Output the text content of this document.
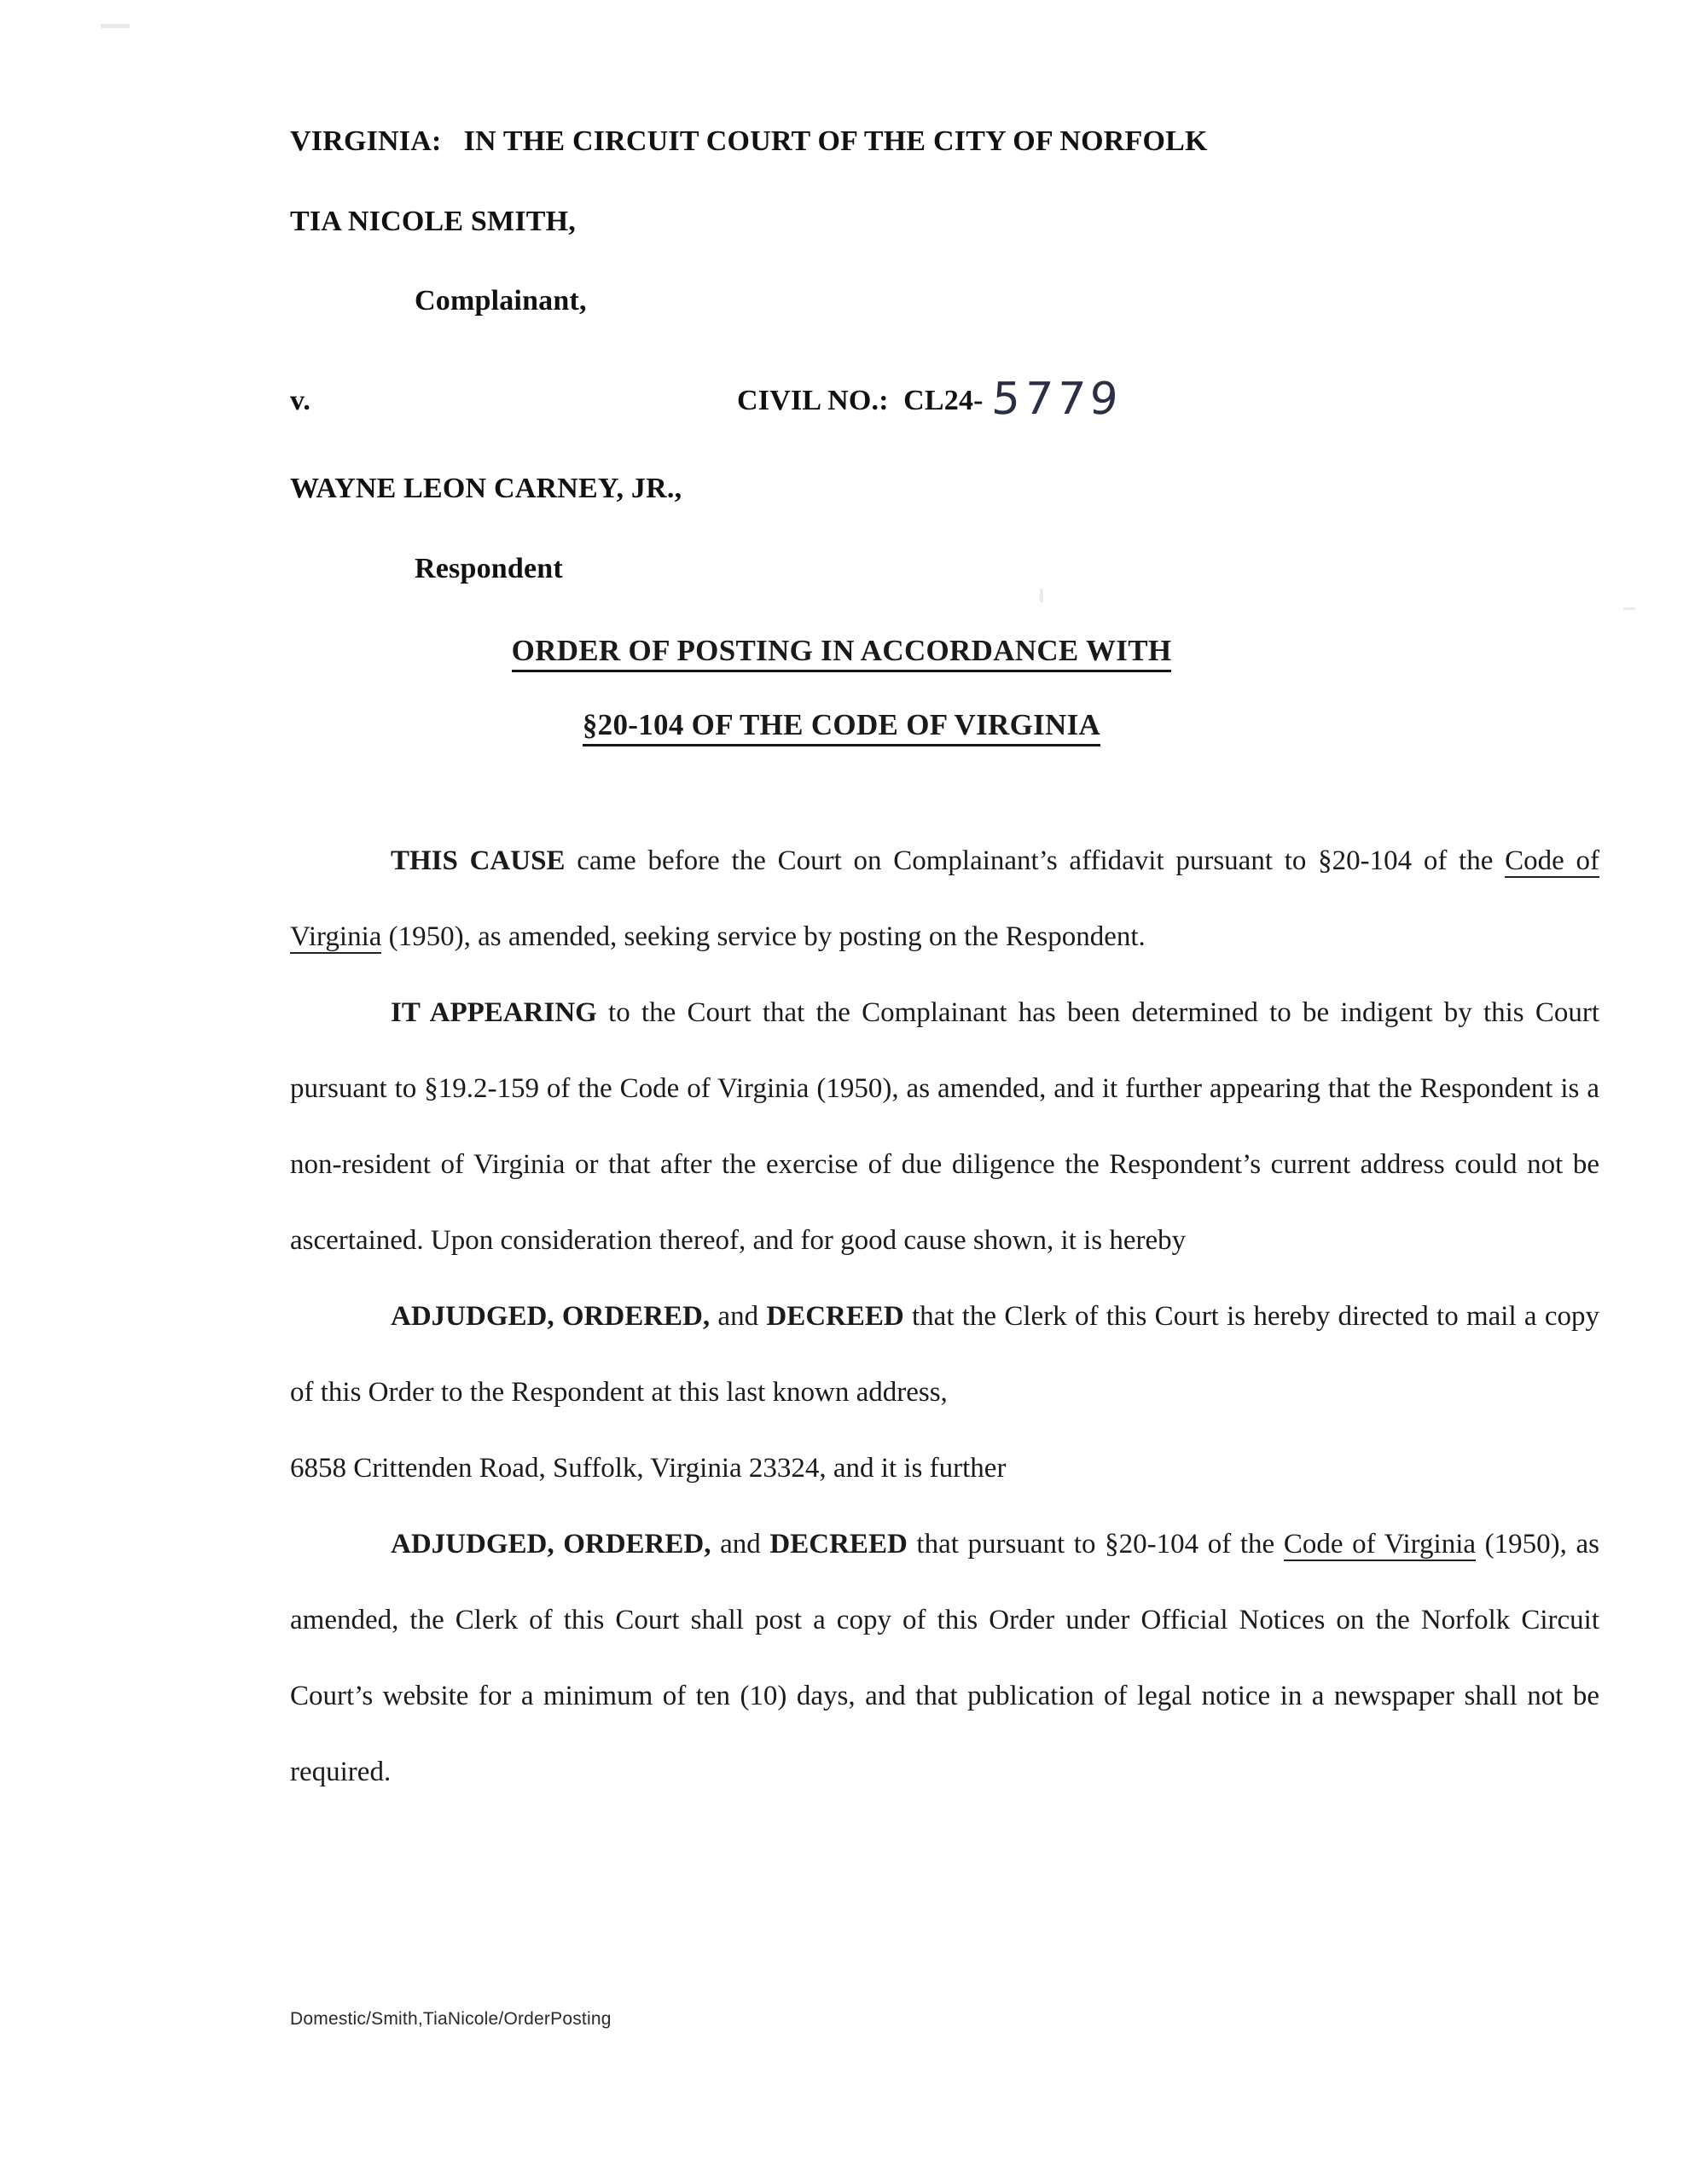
VIRGINIA:   IN THE CIRCUIT COURT OF THE CITY OF NORFOLK
TIA NICOLE SMITH,
Complainant,
v.	CIVIL NO.:  CL24- 5779
WAYNE LEON CARNEY, JR.,
Respondent
ORDER OF POSTING IN ACCORDANCE WITH
§20-104 OF THE CODE OF VIRGINIA

THIS CAUSE came before the Court on Complainant’s affidavit pursuant to §20-104 of the Code of Virginia (1950), as amended, seeking service by posting on the Respondent.

IT APPEARING to the Court that the Complainant has been determined to be indigent by this Court pursuant to §19.2-159 of the Code of Virginia (1950), as amended, and it further appearing that the Respondent is a non-resident of Virginia or that after the exercise of due diligence the Respondent’s current address could not be ascertained. Upon consideration thereof, and for good cause shown, it is hereby

ADJUDGED, ORDERED, and DECREED that the Clerk of this Court is hereby directed to mail a copy of this Order to the Respondent at this last known address,

6858 Crittenden Road, Suffolk, Virginia 23324, and it is further

ADJUDGED, ORDERED, and DECREED that pursuant to §20-104 of the Code of Virginia (1950), as amended, the Clerk of this Court shall post a copy of this Order under Official Notices on the Norfolk Circuit Court’s website for a minimum of ten (10) days, and that publication of legal notice in a newspaper shall not be required.

Domestic/Smith,TiaNicole/OrderPosting
